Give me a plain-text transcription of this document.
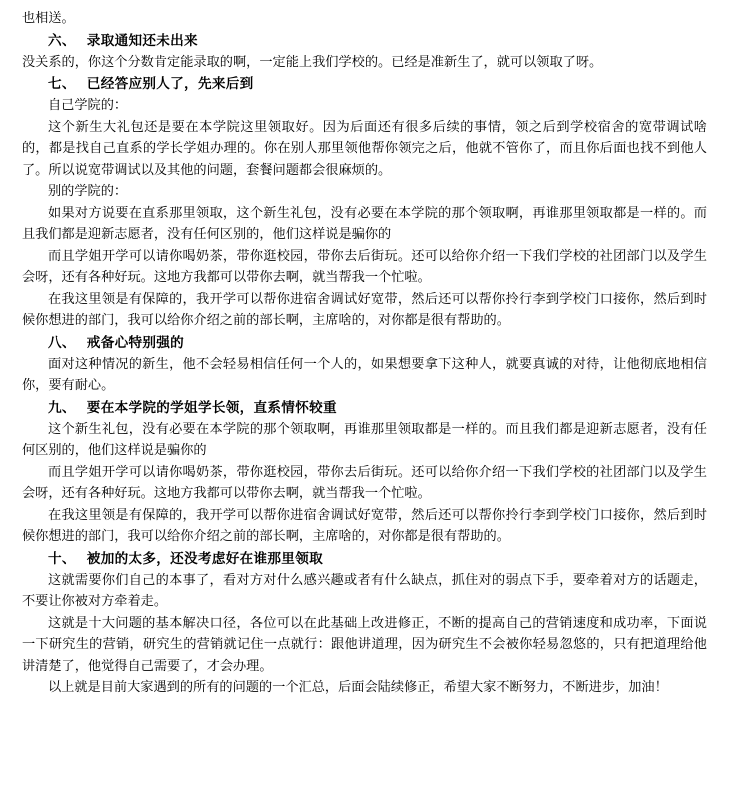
也相送。

六、 录取通知还未出来

没关系的，你这个分数肯定能录取的啊，一定能上我们学校的。已经是准新生了，就可以领取了呀。

七、 已经答应别人了，先来后到

自己学院的：

这个新生大礼包还是要在本学院这里领取好。因为后面还有很多后续的事情，领之后到学校宿舍的宽带调试啥的，都是找自己直系的学长学姐办理的。你在别人那里领他帮你领完之后，他就不管你了，而且你后面也找不到他人了。所以说宽带调试以及其他的问题，套餐问题都会很麻烦的。

别的学院的：

如果对方说要在直系那里领取，这个新生礼包，没有必要在本学院的那个领取啊，再谁那里领取都是一样的。而且我们都是迎新志愿者，没有任何区别的，他们这样说是骗你的

而且学姐开学可以请你喝奶茶，带你逛校园，带你去后街玩。还可以给你介绍一下我们学校的社团部门以及学生会呀，还有各种好玩。这地方我都可以带你去啊，就当帮我一个忙啦。

在我这里领是有保障的，我开学可以帮你进宿舍调试好宽带，然后还可以帮你拎行李到学校门口接你，然后到时候你想进的部门，我可以给你介绍之前的部长啊，主席啥的，对你都是很有帮助的。

八、 戒备心特别强的

面对这种情况的新生，他不会轻易相信任何一个人的，如果想要拿下这种人，就要真诚的对待，让他彻底地相信你，要有耐心。

九、 要在本学院的学姐学长领，直系情怀较重

这个新生礼包，没有必要在本学院的那个领取啊，再谁那里领取都是一样的。而且我们都是迎新志愿者，没有任何区别的，他们这样说是骗你的

而且学姐开学可以请你喝奶茶，带你逛校园，带你去后街玩。还可以给你介绍一下我们学校的社团部门以及学生会呀，还有各种好玩。这地方我都可以带你去啊，就当帮我一个忙啦。

在我这里领是有保障的，我开学可以帮你进宿舍调试好宽带，然后还可以帮你拎行李到学校门口接你，然后到时候你想进的部门，我可以给你介绍之前的部长啊，主席啥的，对你都是很有帮助的。

十、 被加的太多，还没考虑好在谁那里领取

这就需要你们自己的本事了，看对方对什么感兴趣或者有什么缺点，抓住对的弱点下手，要牵着对方的话题走，不要让你被对方牵着走。

这就是十大问题的基本解决口径，各位可以在此基础上改进修正，不断的提高自己的营销速度和成功率，下面说一下研究生的营销，研究生的营销就记住一点就行：跟他讲道理，因为研究生不会被你轻易忽悠的，只有把道理给他讲清楚了，他觉得自己需要了，才会办理。

以上就是目前大家遇到的所有的问题的一个汇总，后面会陆续修正，希望大家不断努力，不断进步，加油！
